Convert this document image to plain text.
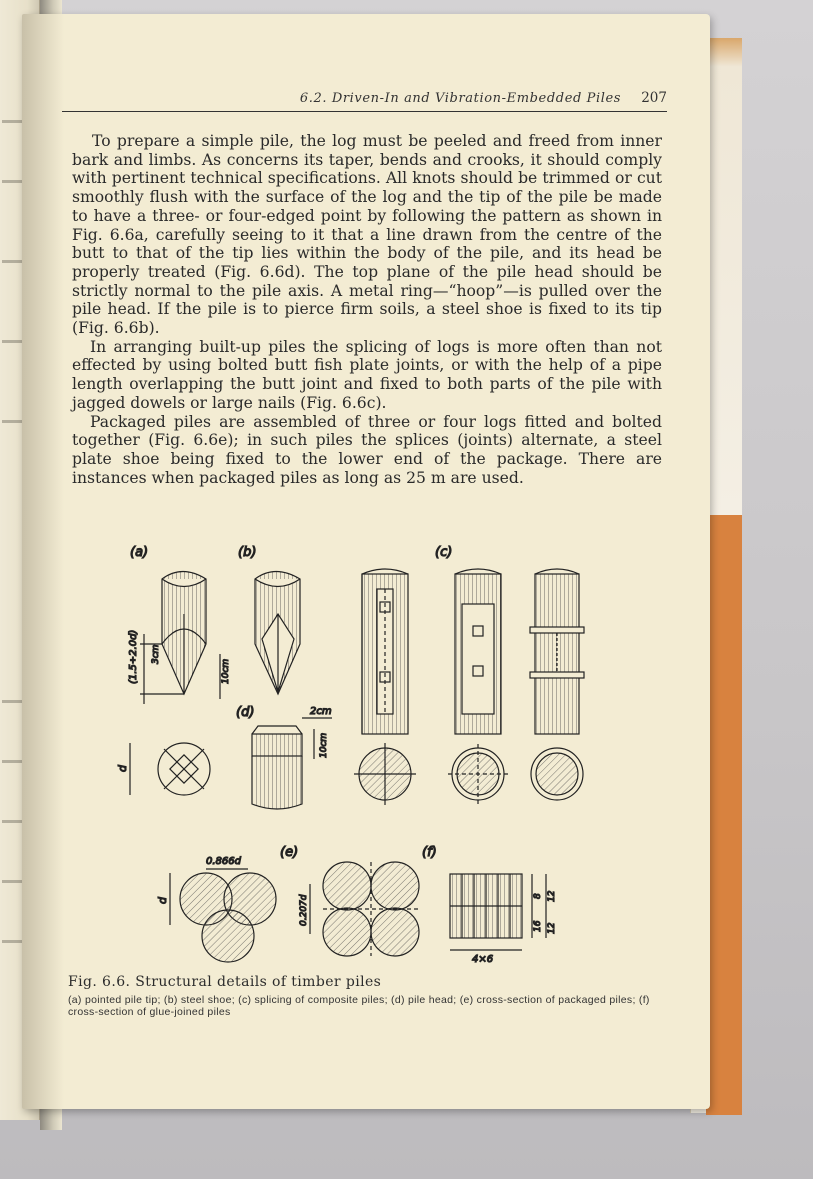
6.2. Driven-In and Vibration-Embedded Piles 207

To prepare a simple pile, the log must be peeled and freed from inner bark and limbs. As concerns its taper, bends and crooks, it should comply with pertinent technical specifications. All knots should be trimmed or cut smoothly flush with the surface of the log and the tip of the pile be made to have a three- or four-edged point by following the pattern as shown in Fig. 6.6a, carefully seeing to it that a line drawn from the centre of the butt to that of the tip lies within the body of the pile, and its head be properly treated (Fig. 6.6d). The top plane of the pile head should be strictly normal to the pile axis. A metal ring—“hoop”—is pulled over the pile head. If the pile is to pierce firm soils, a steel shoe is fixed to its tip (Fig. 6.6b).

In arranging built-up piles the splicing of logs is more often than not effected by using bolted butt fish plate joints, or with the help of a pipe length overlapping the butt joint and fixed to both parts of the pile with jagged dowels or large nails (Fig. 6.6c).

Packaged piles are assembled of three or four logs fitted and bolted together (Fig. 6.6e); in such piles the splices (joints) alternate, a steel plate shoe being fixed to the lower end of the package. There are instances when packaged piles as long as 25 m are used.

(a)
(1.5÷2.0d) 3cm
10cm
d
(b)
(d)	2cm
10cm
(c)
(e)
0.866d
d	0.207d
(f)
8 12
16 12
4×6
Fig. 6.6. Structural details of timber piles
(a) pointed pile tip; (b) steel shoe; (c) splicing of composite piles; (d) pile head; (e) cross-section of packaged piles; (f) cross-section of glue-joined piles
